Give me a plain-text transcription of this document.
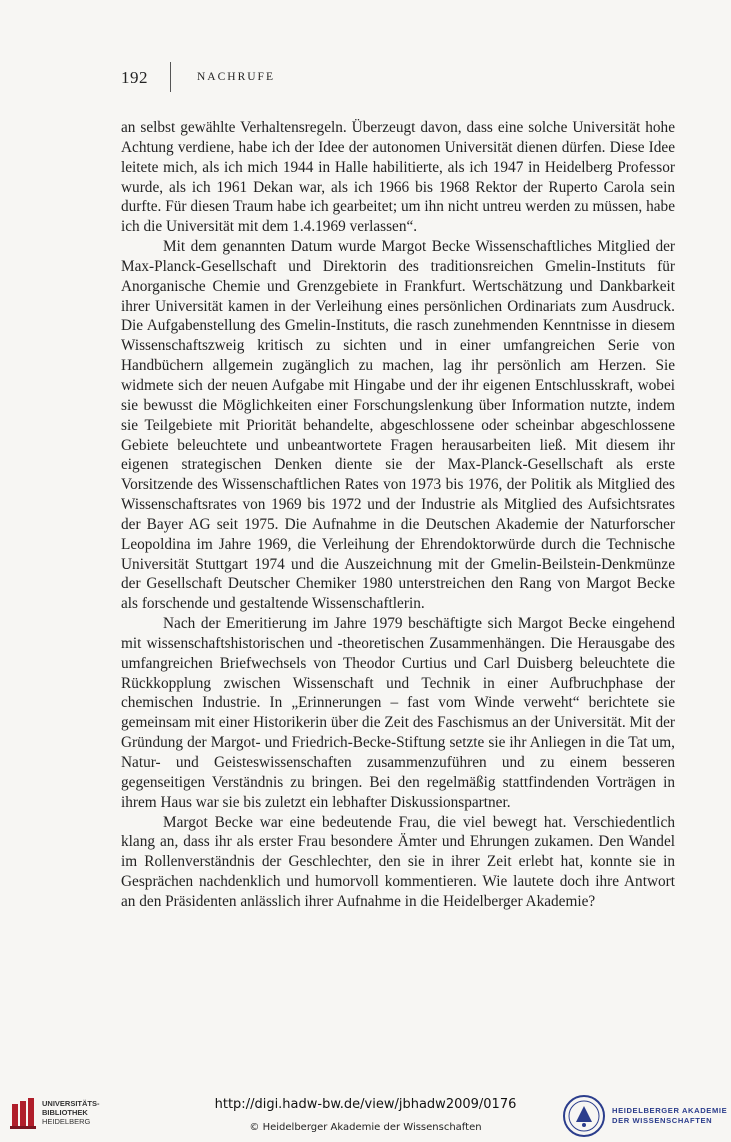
192	NACHRUFE

an selbst gewählte Verhaltensregeln. Überzeugt davon, dass eine solche Universität hohe Achtung verdiene, habe ich der Idee der autonomen Universität dienen dürfen. Diese Idee leitete mich, als ich mich 1944 in Halle habilitierte, als ich 1947 in Heidelberg Professor wurde, als ich 1961 Dekan war, als ich 1966 bis 1968 Rektor der Ruperto Carola sein durfte. Für diesen Traum habe ich gearbeitet; um ihn nicht untreu werden zu müssen, habe ich die Universität mit dem 1.4.1969 verlassen“.

Mit dem genannten Datum wurde Margot Becke Wissenschaftliches Mitglied der Max-Planck-Gesellschaft und Direktorin des traditionsreichen Gmelin-Instituts für Anorganische Chemie und Grenzgebiete in Frankfurt. Wertschätzung und Dankbarkeit ihrer Universität kamen in der Verleihung eines persönlichen Ordinariats zum Ausdruck. Die Aufgabenstellung des Gmelin-Instituts, die rasch zunehmenden Kenntnisse in diesem Wissenschaftszweig kritisch zu sichten und in einer umfangreichen Serie von Handbüchern allgemein zugänglich zu machen, lag ihr persönlich am Herzen. Sie widmete sich der neuen Aufgabe mit Hingabe und der ihr eigenen Entschlusskraft, wobei sie bewusst die Möglichkeiten einer Forschungslenkung über Information nutzte, indem sie Teilgebiete mit Priorität behandelte, abgeschlossene oder scheinbar abgeschlossene Gebiete beleuchtete und unbeantwortete Fragen herausarbeiten ließ. Mit diesem ihr eigenen strategischen Denken diente sie der Max-Planck-Gesellschaft als erste Vorsitzende des Wissenschaftlichen Rates von 1973 bis 1976, der Politik als Mitglied des Wissenschaftsrates von 1969 bis 1972 und der Industrie als Mitglied des Aufsichtsrates der Bayer AG seit 1975. Die Aufnahme in die Deutschen Akademie der Naturforscher Leopoldina im Jahre 1969, die Verleihung der Ehrendoktorwürde durch die Technische Universität Stuttgart 1974 und die Auszeichnung mit der Gmelin-Beilstein-Denkmünze der Gesellschaft Deutscher Chemiker 1980 unterstreichen den Rang von Margot Becke als forschende und gestaltende Wissenschaftlerin.

Nach der Emeritierung im Jahre 1979 beschäftigte sich Margot Becke eingehend mit wissenschaftshistorischen und -theoretischen Zusammenhängen. Die Herausgabe des umfangreichen Briefwechsels von Theodor Curtius und Carl Duisberg beleuchtete die Rückkopplung zwischen Wissenschaft und Technik in einer Aufbruchphase der chemischen Industrie. In „Erinnerungen – fast vom Winde verweht“ berichtete sie gemeinsam mit einer Historikerin über die Zeit des Faschismus an der Universität. Mit der Gründung der Margot- und Friedrich-Becke-Stiftung setzte sie ihr Anliegen in die Tat um, Natur- und Geisteswissenschaften zusammenzuführen und zu einem besseren gegenseitigen Verständnis zu bringen. Bei den regelmäßig stattfindenden Vorträgen in ihrem Haus war sie bis zuletzt ein lebhafter Diskussionspartner.

Margot Becke war eine bedeutende Frau, die viel bewegt hat. Verschiedentlich klang an, dass ihr als erster Frau besondere Ämter und Ehrungen zukamen. Den Wandel im Rollenverständnis der Geschlechter, den sie in ihrer Zeit erlebt hat, konnte sie in Gesprächen nachdenklich und humorvoll kommentieren. Wie lautete doch ihre Antwort an den Präsidenten anlässlich ihrer Aufnahme in die Heidelberger Akademie?

UNIVERSITÄTS-
BIBLIOTHEK
HEIDELBERG
http://digi.hadw-bw.de/view/jbhadw2009/0176
© Heidelberger Akademie der Wissenschaften
HEIDELBERGER AKADEMIE
DER WISSENSCHAFTEN
